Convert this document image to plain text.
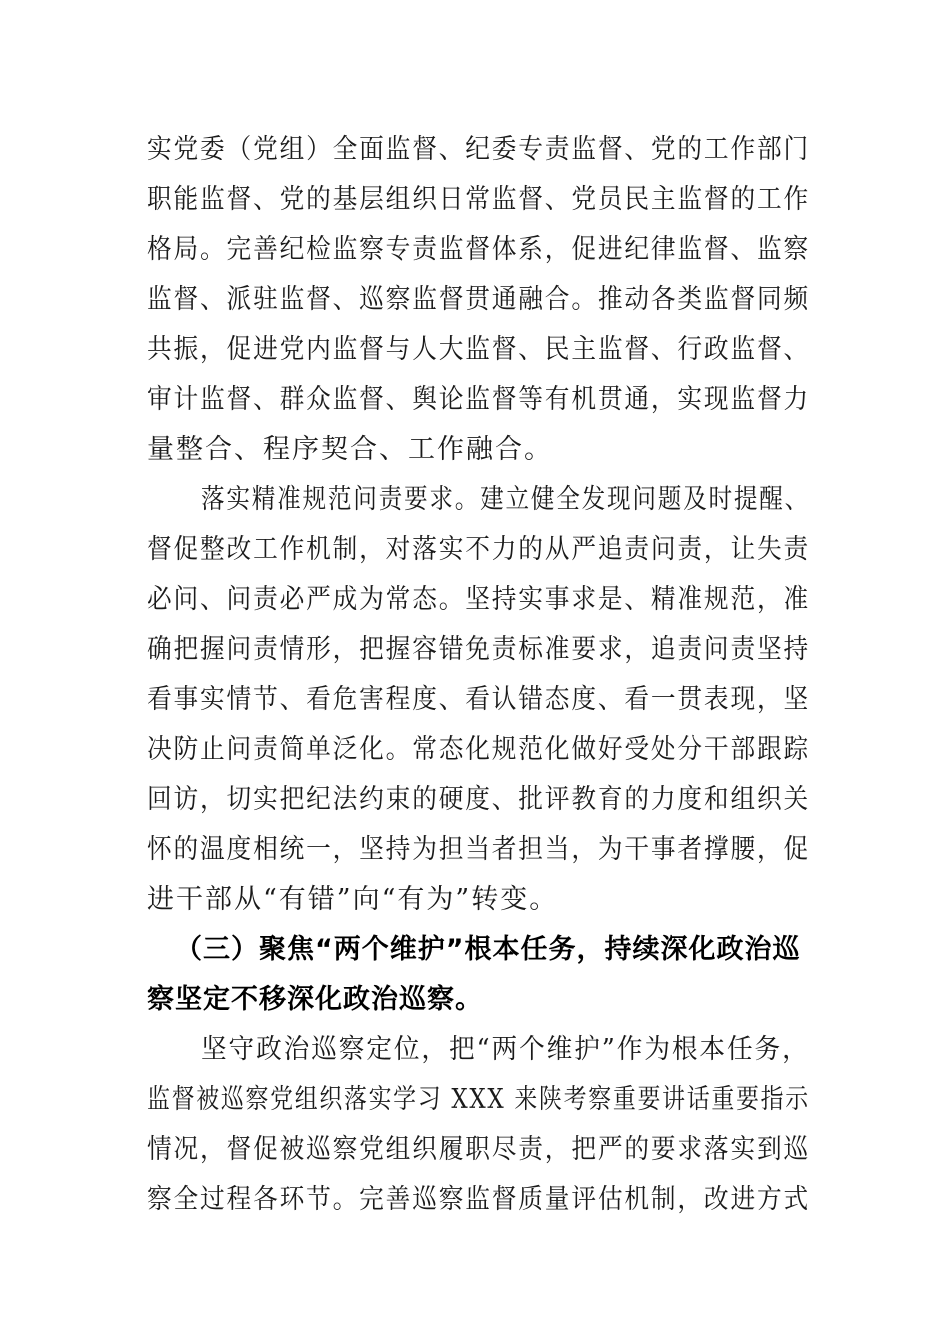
实党委（党组）全面监督、纪委专责监督、党的工作部门
职能监督、党的基层组织日常监督、党员民主监督的工作
格局。完善纪检监察专责监督体系，促进纪律监督、监察
监督、派驻监督、巡察监督贯通融合。推动各类监督同频
共振，促进党内监督与人大监督、民主监督、行政监督、
审计监督、群众监督、舆论监督等有机贯通，实现监督力
量整合、程序契合、工作融合。
落实精准规范问责要求。建立健全发现问题及时提醒、
督促整改工作机制，对落实不力的从严追责问责，让失责
必问、问责必严成为常态。坚持实事求是、精准规范，准
确把握问责情形，把握容错免责标准要求，追责问责坚持
看事实情节、看危害程度、看认错态度、看一贯表现，坚
决防止问责简单泛化。常态化规范化做好受处分干部跟踪
回访，切实把纪法约束的硬度、批评教育的力度和组织关
怀的温度相统一，坚持为担当者担当，为干事者撑腰，促
进干部从“有错”向“有为”转变。
（三）聚焦“两个维护”根本任务，持续深化政治巡
察坚定不移深化政治巡察。
坚守政治巡察定位，把“两个维护”作为根本任务，
监督被巡察党组织落实学习 XXX 来陕考察重要讲话重要指示
情况，督促被巡察党组织履职尽责，把严的要求落实到巡
察全过程各环节。完善巡察监督质量评估机制，改进方式
